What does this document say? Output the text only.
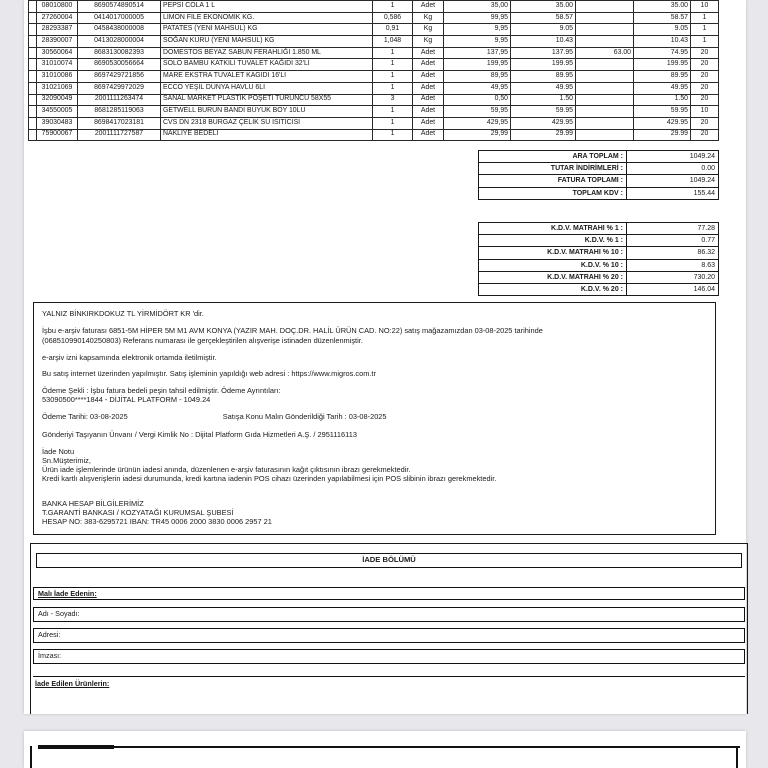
	08010800	8690574890514	PEPSİ COLA 1 L	1	Adet	35,00	35.00		35.00	10
	27260004	0414017000005	LİMON FİLE EKONOMİK KG.	0,586	Kg	99,95	58.57		58.57	1
	28293387	0458438000008	PATATES (YENİ MAHSUL) KG	0,91	Kg	9,95	9.05		9.05	1
	28390007	0413028000004	SOĞAN KURU (YENİ MAHSUL) KG	1,048	Kg	9,95	10.43		10.43	1
	30560064	8683130082393	DOMESTOS BEYAZ SABUN FERAHLIĞI 1.850 ML	1	Adet	137,95	137.95	63.00	74.95	20
	31010074	8690530056664	SOLO BAMBU KATKILI TUVALET KAĞIDI 32'Lİ	1	Adet	199,95	199.95		199.95	20
	31010086	8697429721856	MARE EKSTRA TUVALET KAGIDI 16'LI	1	Adet	89,95	89.95		89.95	20
	31021069	8697429972029	ECCO YEŞİL DÜNYA HAVLU 6LI	1	Adet	49,95	49.95		49.95	20
	32090049	2001111263474	SANAL MARKET PLASTİK POŞETİ TURUNCU 58X55	3	Adet	0,50	1.50		1.50	20
	34550005	8681285119063	GETWELL BURUN BANDI BÜYÜK BOY 10LU	1	Adet	59,95	59.95		59.95	10
	39030483	8698417023181	CVS DN 2318 BURGAZ ÇELİK SU ISITICISI	1	Adet	429,95	429.95		429.95	20
	75900067	2001111727587	NAKLİYE BEDELİ	1	Adet	29,99	29.99		29.99	20
ARA TOPLAM :	1049.24
TUTAR İNDİRİMLERİ :	0.00
FATURA TOPLAMI :	1049.24
TOPLAM KDV :	155.44
K.D.V. MATRAHI % 1 :	77.28
K.D.V. % 1 :	0.77
K.D.V. MATRAHI % 10 :	86.32
K.D.V. % 10 :	8.63
K.D.V. MATRAHI % 20 :	730.20
K.D.V. % 20 :	146.04
YALNIZ BİNKIRKDOKUZ TL YİRMİDÖRT KR 'dir.
İşbu e-arşiv faturası 6851-5M HİPER 5M M1 AVM KONYA (YAZIR MAH. DOÇ.DR. HALİL ÜRÜN CAD. NO:22) satış mağazamızdan 03-08-2025 tarihinde
(068510990140250803) Referans numarası ile gerçekleştirilen alışverişe istinaden düzenlenmiştir.
e-arşiv izni kapsamında elektronik ortamda iletilmiştir.
Bu satış internet üzerinden yapılmıştır. Satış işleminin yapıldığı web adresi : https://www.migros.com.tr
Ödeme Şekli : İşbu fatura bedeli peşin tahsil edilmiştir. Ödeme Ayrıntıları:
53090500****1844 - DİJİTAL PLATFORM - 1049.24
Ödeme Tarihi: 03-08-2025	Satışa Konu Malın Gönderildiği Tarih : 03-08-2025
Gönderiyi Taşıyanın Ünvanı / Vergi Kimlik No : Dijital Platform Gıda Hizmetleri A.Ş. / 2951116113
İade Notu
Sn.Müşterimiz,
Ürün iade işlemlerinde ürünün iadesi anında, düzenlenen e-arşiv faturasının kağıt çıktısının ibrazı gerekmektedir.
Kredi kartlı alışverişlerin iadesi durumunda, kredi kartına iadenin POS cihazı üzerinden yapılabilmesi için POS slibinin ibrazı gerekmektedir.
BANKA HESAP BİLGİLERİMİZ
T.GARANTİ BANKASI / KOZYATAĞI KURUMSAL ŞUBESİ
HESAP NO: 383-6295721 IBAN: TR45 0006 2000 3830 0006 2957 21
İADE BÖLÜMÜ
Malı İade Edenin:
Adı - Soyadı:
Adresi:
İmzası:
İade Edilen Ürünlerin:
